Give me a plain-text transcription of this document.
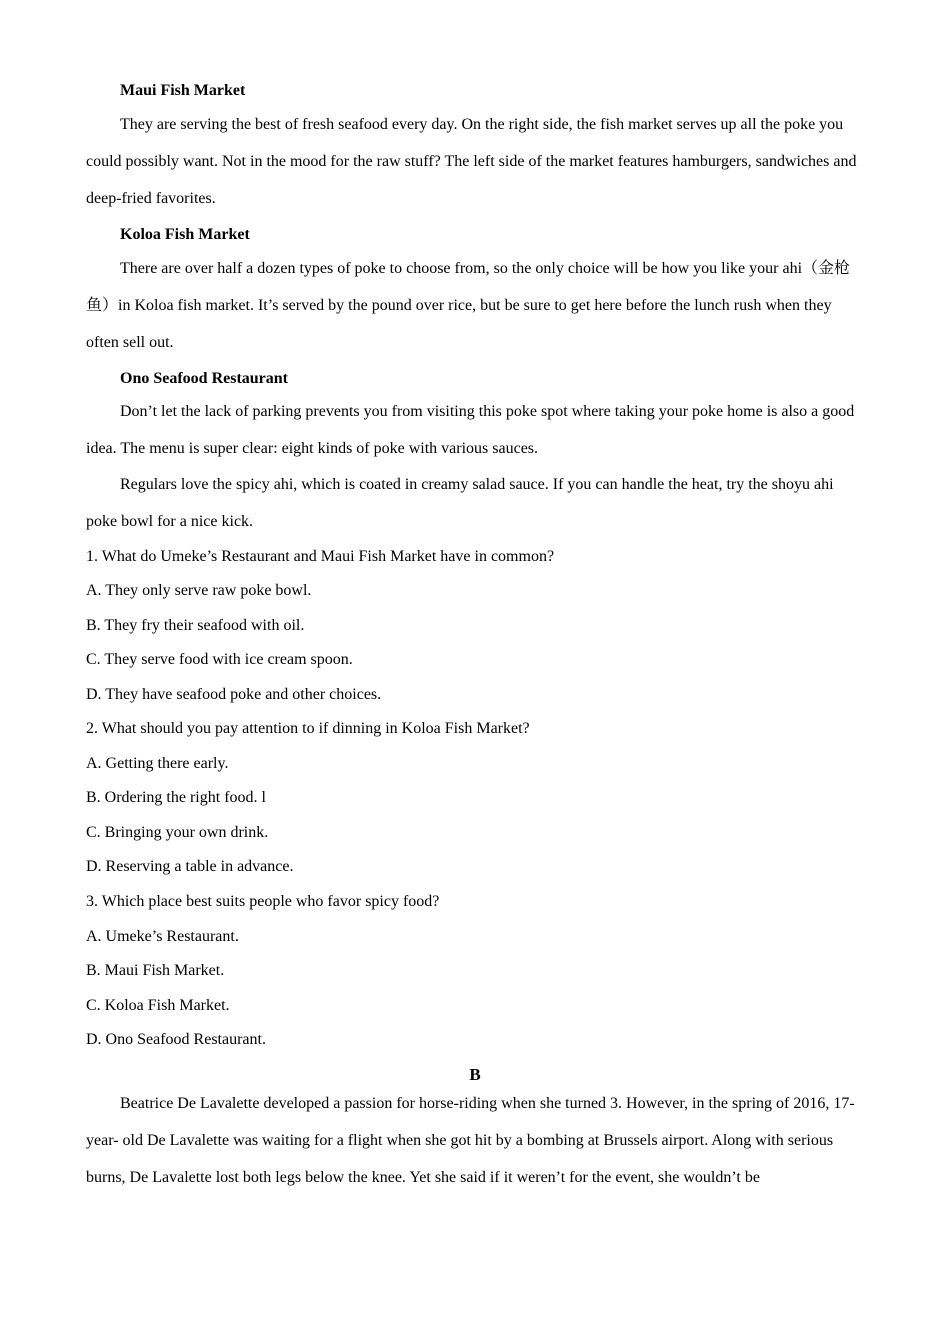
Maui Fish Market

They are serving the best of fresh seafood every day. On the right side, the fish market serves up all the poke you could possibly want. Not in the mood for the raw stuff? The left side of the market features hamburgers, sandwiches and deep-fried favorites.

Koloa Fish Market

There are over half a dozen types of poke to choose from, so the only choice will be how you like your ahi（金枪鱼）in Koloa fish market. It’s served by the pound over rice, but be sure to get here before the lunch rush when they often sell out.

Ono Seafood Restaurant

Don’t let the lack of parking prevents you from visiting this poke spot where taking your poke home is also a good idea. The menu is super clear: eight kinds of poke with various sauces.

Regulars love the spicy ahi, which is coated in creamy salad sauce. If you can handle the heat, try the shoyu ahi poke bowl for a nice kick.

1. What do Umeke’s Restaurant and Maui Fish Market have in common?

A. They only serve raw poke bowl.

B. They fry their seafood with oil.

C. They serve food with ice cream spoon.

D. They have seafood poke and other choices.

2. What should you pay attention to if dinning in Koloa Fish Market?

A. Getting there early.

B. Ordering the right food. l

C. Bringing your own drink.

D. Reserving a table in advance.

3. Which place best suits people who favor spicy food?

A. Umeke’s Restaurant.

B. Maui Fish Market.

C. Koloa Fish Market.

D. Ono Seafood Restaurant.

B

Beatrice De Lavalette developed a passion for horse-riding when she turned 3. However, in the spring of 2016, 17-year- old De Lavalette was waiting for a flight when she got hit by a bombing at Brussels airport. Along with serious burns, De Lavalette lost both legs below the knee. Yet she said if it weren’t for the event, she wouldn’t be
